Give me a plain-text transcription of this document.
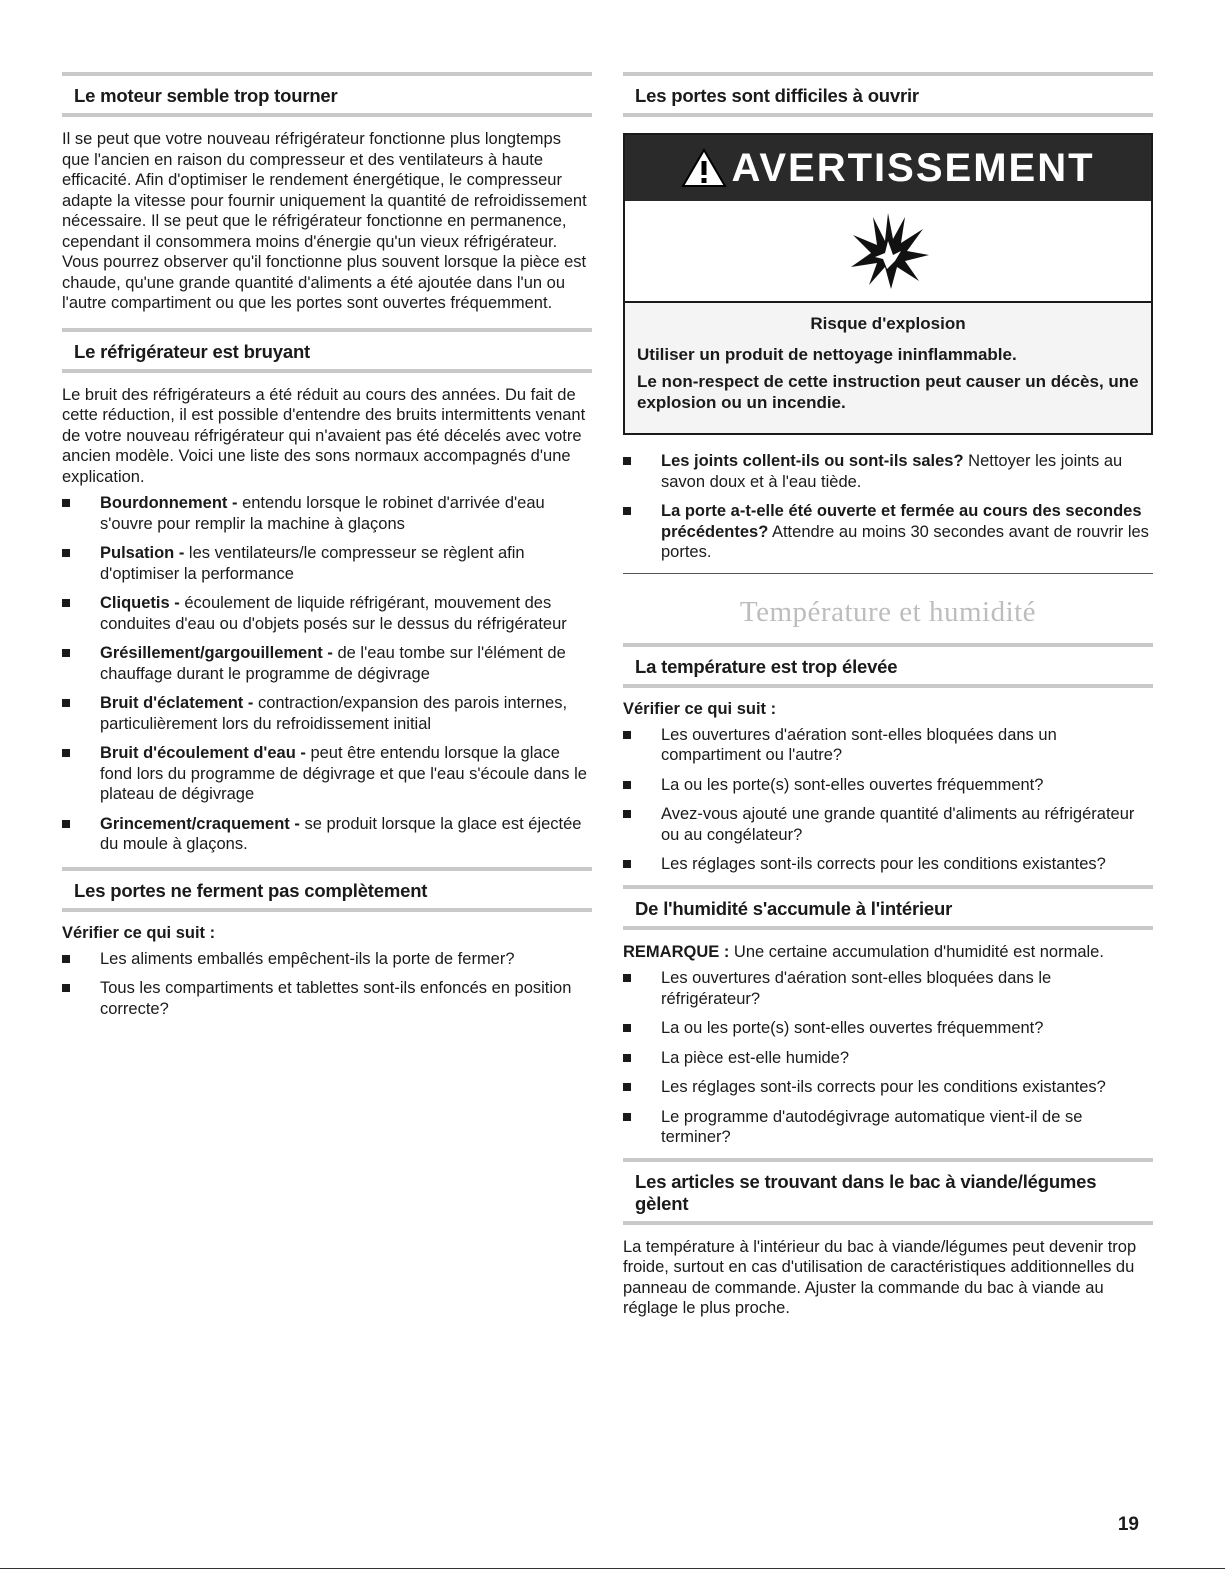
Le moteur semble trop tourner

Il se peut que votre nouveau réfrigérateur fonctionne plus longtemps que l'ancien en raison du compresseur et des ventilateurs à haute efficacité. Afin d'optimiser le rendement énergétique, le compresseur adapte la vitesse pour fournir uniquement la quantité de refroidissement nécessaire. Il se peut que le réfrigérateur fonctionne en permanence, cependant il consommera moins d'énergie qu'un vieux réfrigérateur. Vous pourrez observer qu'il fonctionne plus souvent lorsque la pièce est chaude, qu'une grande quantité d'aliments a été ajoutée dans l'un ou l'autre compartiment ou que les portes sont ouvertes fréquemment.

Le réfrigérateur est bruyant

Le bruit des réfrigérateurs a été réduit au cours des années. Du fait de cette réduction, il est possible d'entendre des bruits intermittents venant de votre nouveau réfrigérateur qui n'avaient pas été décelés avec votre ancien modèle. Voici une liste des sons normaux accompagnés d'une explication.

Bourdonnement - entendu lorsque le robinet d'arrivée d'eau s'ouvre pour remplir la machine à glaçons
Pulsation - les ventilateurs/le compresseur se règlent afin d'optimiser la performance
Cliquetis - écoulement de liquide réfrigérant, mouvement des conduites d'eau ou d'objets posés sur le dessus du réfrigérateur
Grésillement/gargouillement - de l'eau tombe sur l'élément de chauffage durant le programme de dégivrage
Bruit d'éclatement - contraction/expansion des parois internes, particulièrement lors du refroidissement initial
Bruit d'écoulement d'eau - peut être entendu lorsque la glace fond lors du programme de dégivrage et que l'eau s'écoule dans le plateau de dégivrage
Grincement/craquement - se produit lorsque la glace est éjectée du moule à glaçons.
Les portes ne ferment pas complètement
Vérifier ce qui suit :
Les aliments emballés empêchent-ils la porte de fermer?
Tous les compartiments et tablettes sont-ils enfoncés en position correcte?
Les portes sont difficiles à ouvrir
AVERTISSEMENT
Risque d'explosion

Utiliser un produit de nettoyage ininflammable.

Le non-respect de cette instruction peut causer un décès, une explosion ou un incendie.

Les joints collent-ils ou sont-ils sales? Nettoyer les joints au savon doux et à l'eau tiède.
La porte a-t-elle été ouverte et fermée au cours des secondes précédentes? Attendre au moins 30 secondes avant de rouvrir les portes.
Température et humidité
La température est trop élevée
Vérifier ce qui suit :
Les ouvertures d'aération sont-elles bloquées dans un compartiment ou l'autre?
La ou les porte(s) sont-elles ouvertes fréquemment?
Avez-vous ajouté une grande quantité d'aliments au réfrigérateur ou au congélateur?
Les réglages sont-ils corrects pour les conditions existantes?
De l'humidité s'accumule à l'intérieur

REMARQUE : Une certaine accumulation d'humidité est normale.

Les ouvertures d'aération sont-elles bloquées dans le réfrigérateur?
La ou les porte(s) sont-elles ouvertes fréquemment?
La pièce est-elle humide?
Les réglages sont-ils corrects pour les conditions existantes?
Le programme d'autodégivrage automatique vient-il de se terminer?
Les articles se trouvant dans le bac à viande/légumes gèlent

La température à l'intérieur du bac à viande/légumes peut devenir trop froide, surtout en cas d'utilisation de caractéristiques additionnelles du panneau de commande. Ajuster la commande du bac à viande au réglage le plus proche.

19
